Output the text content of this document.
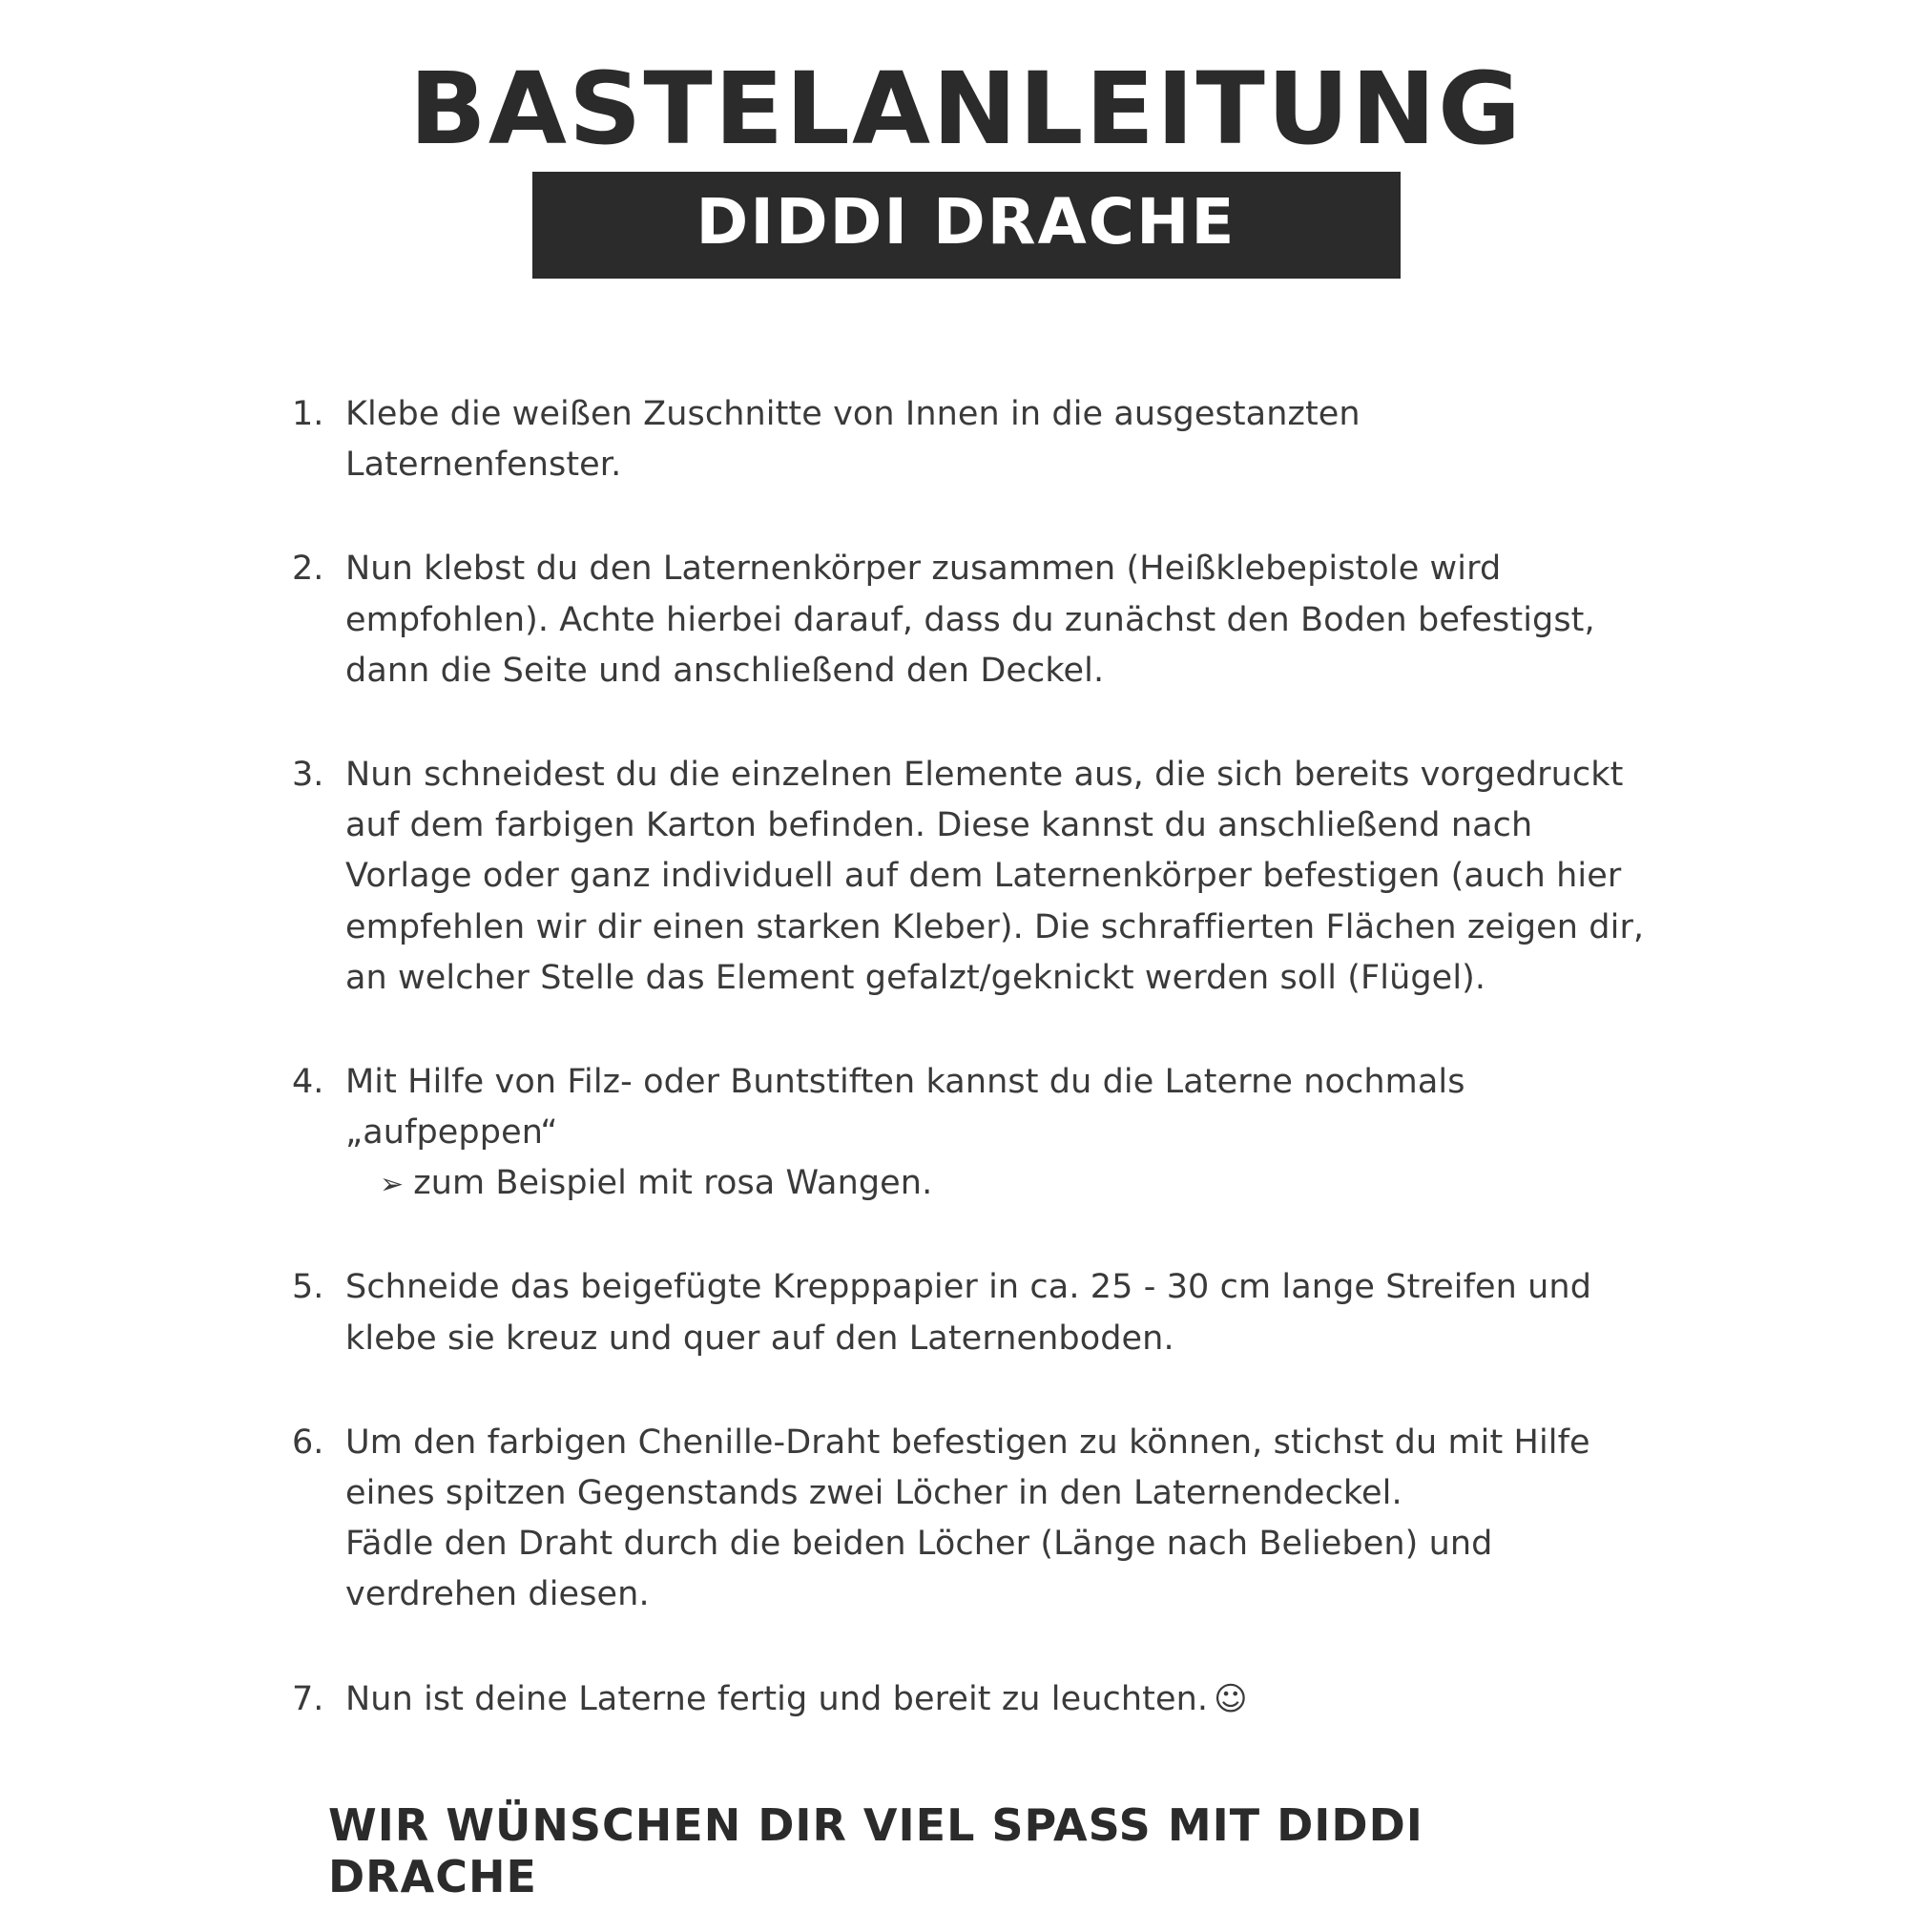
BASTELANLEITUNG
DIDDI DRACHE
1. Klebe die weißen Zuschnitte von Innen in die ausgestanzten Laternenfenster.
2. Nun klebst du den Laternenkörper zusammen (Heißklebepistole wird empfohlen). Achte hierbei darauf, dass du zunächst den Boden befestigst, dann die Seite und anschließend den Deckel.
3. Nun schneidest du die einzelnen Elemente aus, die sich bereits vorgedruckt auf dem farbigen Karton befinden. Diese kannst du anschließend nach Vorlage oder ganz individuell auf dem Laternenkörper befestigen (auch hier empfehlen wir dir einen starken Kleber). Die schraffierten Flächen zeigen dir, an welcher Stelle das Element gefalzt/geknickt werden soll (Flügel).
4. Mit Hilfe von Filz- oder Buntstiften kannst du die Laterne nochmals „aufpeppen“
➢ zum Beispiel mit rosa Wangen.
5. Schneide das beigefügte Krepppapier in ca. 25 - 30 cm lange Streifen und klebe sie kreuz und quer auf den Laternenboden.
6. Um den farbigen Chenille-Draht befestigen zu können, stichst du mit Hilfe eines spitzen Gegenstands zwei Löcher in den Laternendeckel.
Fädle den Draht durch die beiden Löcher (Länge nach Belieben) und verdrehen diesen.
7. Nun ist deine Laterne fertig und bereit zu leuchten. ☺
WIR WÜNSCHEN DIR VIEL SPASS MIT DIDDI DRACHE
